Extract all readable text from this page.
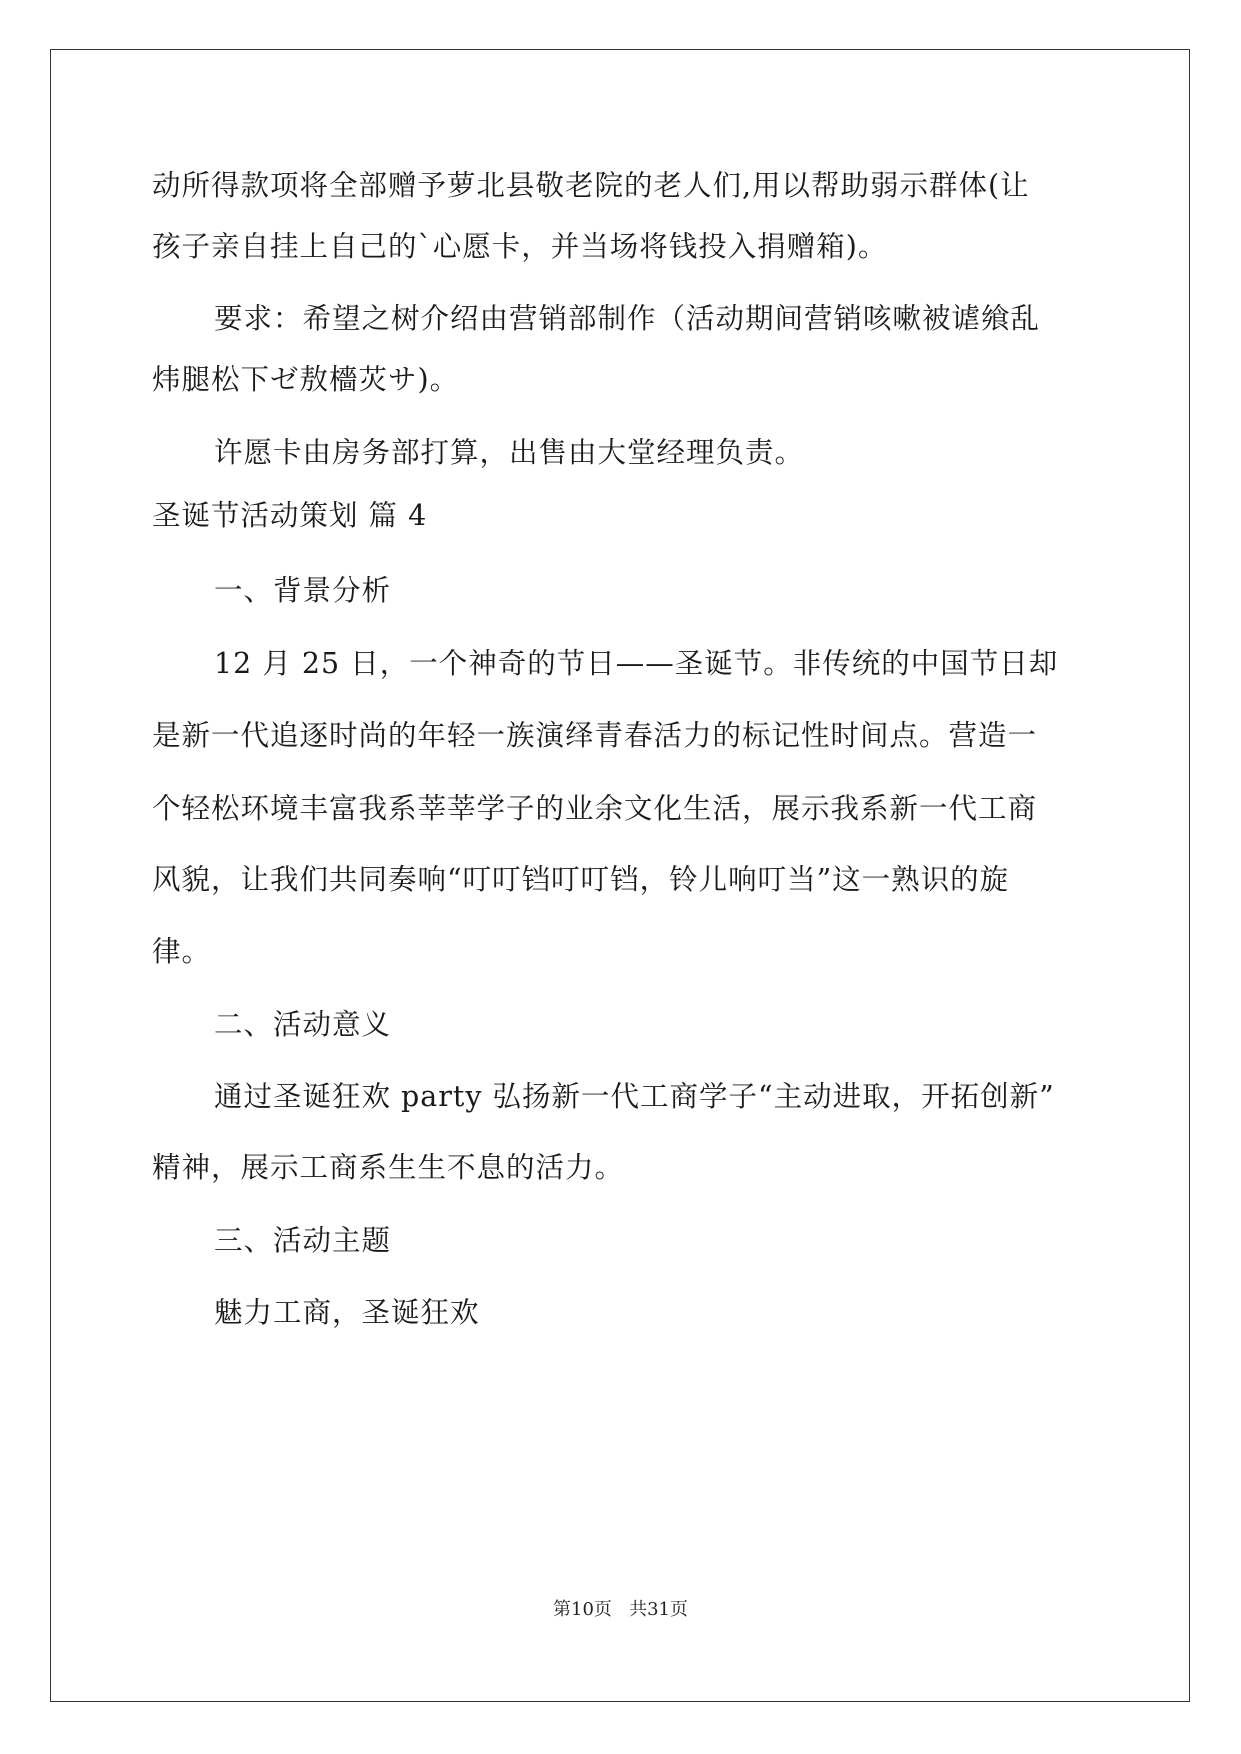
动所得款项将全部赠予萝北县敬老院的老人们,用以帮助弱示群体(让
孩子亲自挂上自己的`心愿卡，并当场将钱投入捐赠箱)。
要求：希望之树介绍由营销部制作（活动期间营销咳嗽被谑飨乱
炜腿松下ゼ敖檣苂サ)。
许愿卡由房务部打算，出售由大堂经理负责。
圣诞节活动策划 篇 4
一、背景分析
12 月 25 日，一个神奇的节日——圣诞节。非传统的中国节日却
是新一代追逐时尚的年轻一族演绎青春活力的标记性时间点。营造一
个轻松环境丰富我系莘莘学子的业余文化生活，展示我系新一代工商
风貌，让我们共同奏响“叮叮铛叮叮铛，铃儿响叮当”这一熟识的旋
律。
二、活动意义
通过圣诞狂欢 party 弘扬新一代工商学子“主动进取，开拓创新”
精神，展示工商系生生不息的活力。
三、活动主题
魅力工商，圣诞狂欢
第10页   共31页
